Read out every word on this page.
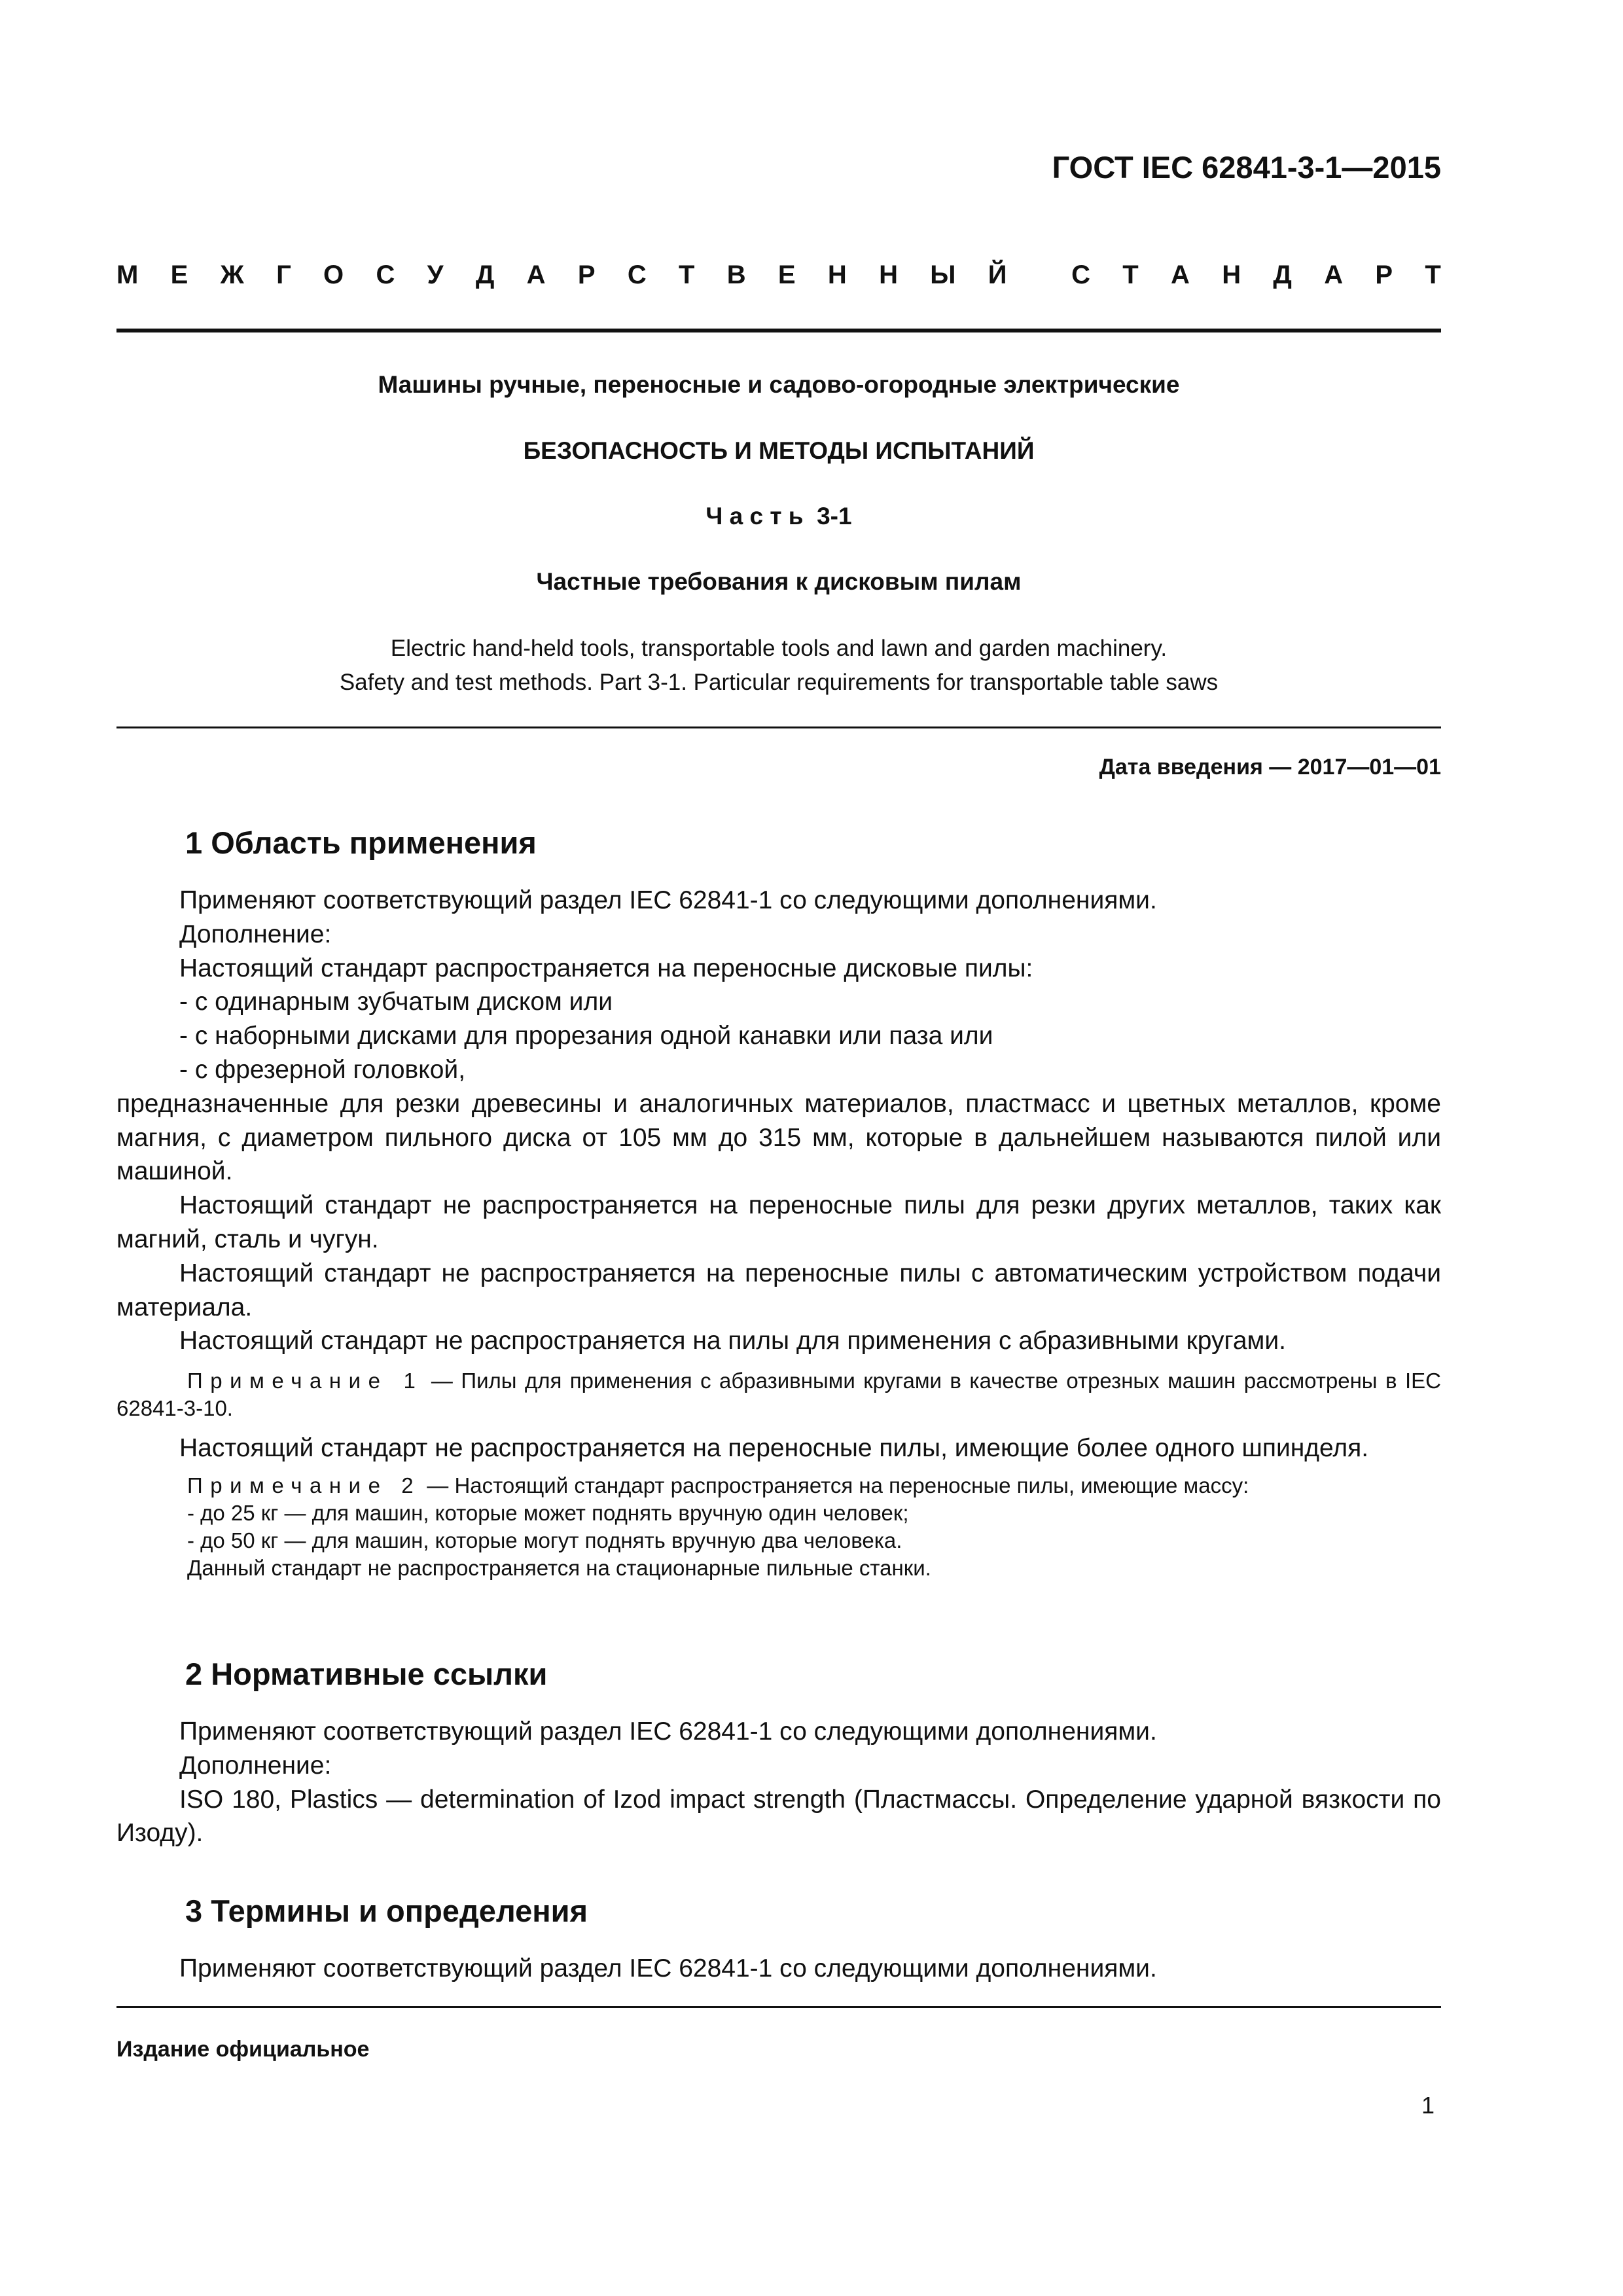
ГОСТ IEC 62841-3-1—2015
М Е Ж Г О С У Д А Р С Т В Е Н Н Ы Й С Т А Н Д А Р Т
Машины ручные, переносные и садово-огородные электрические
БЕЗОПАСНОСТЬ И МЕТОДЫ ИСПЫТАНИЙ
Ч а с т ь  3-1
Частные требования к дисковым пилам
Electric hand-held tools, transportable tools and lawn and garden machinery.
Safety and test methods. Part 3-1. Particular requirements for transportable table saws
Дата введения — 2017—01—01
1 Область применения

Применяют соответствующий раздел IEC 62841-1 со следующими дополнениями.

Дополнение:

Настоящий стандарт распространяется на переносные дисковые пилы:

- с одинарным зубчатым диском или

- с наборными дисками для прорезания одной канавки или паза или

- с фрезерной головкой,

предназначенные для резки древесины и аналогичных материалов, пластмасс и цветных металлов, кроме магния, с диаметром пильного диска от 105 мм до 315 мм, которые в дальнейшем называются пилой или машиной.

Настоящий стандарт не распространяется на переносные пилы для резки других металлов, таких как магний, сталь и чугун.

Настоящий стандарт не распространяется на переносные пилы с автоматическим устройством подачи материала.

Настоящий стандарт не распространяется на пилы для применения с абразивными кругами.

Примечание 1 — Пилы для применения с абразивными кругами в качестве отрезных машин рассмотрены в IEC 62841-3-10.

Настоящий стандарт не распространяется на переносные пилы, имеющие более одного шпинделя.

Примечание 2 — Настоящий стандарт распространяется на переносные пилы, имеющие массу:

- до 25 кг — для машин, которые может поднять вручную один человек;

- до 50 кг — для машин, которые могут поднять вручную два человека.

Данный стандарт не распространяется на стационарные пильные станки.

2 Нормативные ссылки

Применяют соответствующий раздел IEC 62841-1 со следующими дополнениями.

Дополнение:

ISO 180, Plastics — determination of Izod impact strength (Пластмассы. Определение ударной вязкости по Изоду).

3 Термины и определения

Применяют соответствующий раздел IEC 62841-1 со следующими дополнениями.

Издание официальное
1
